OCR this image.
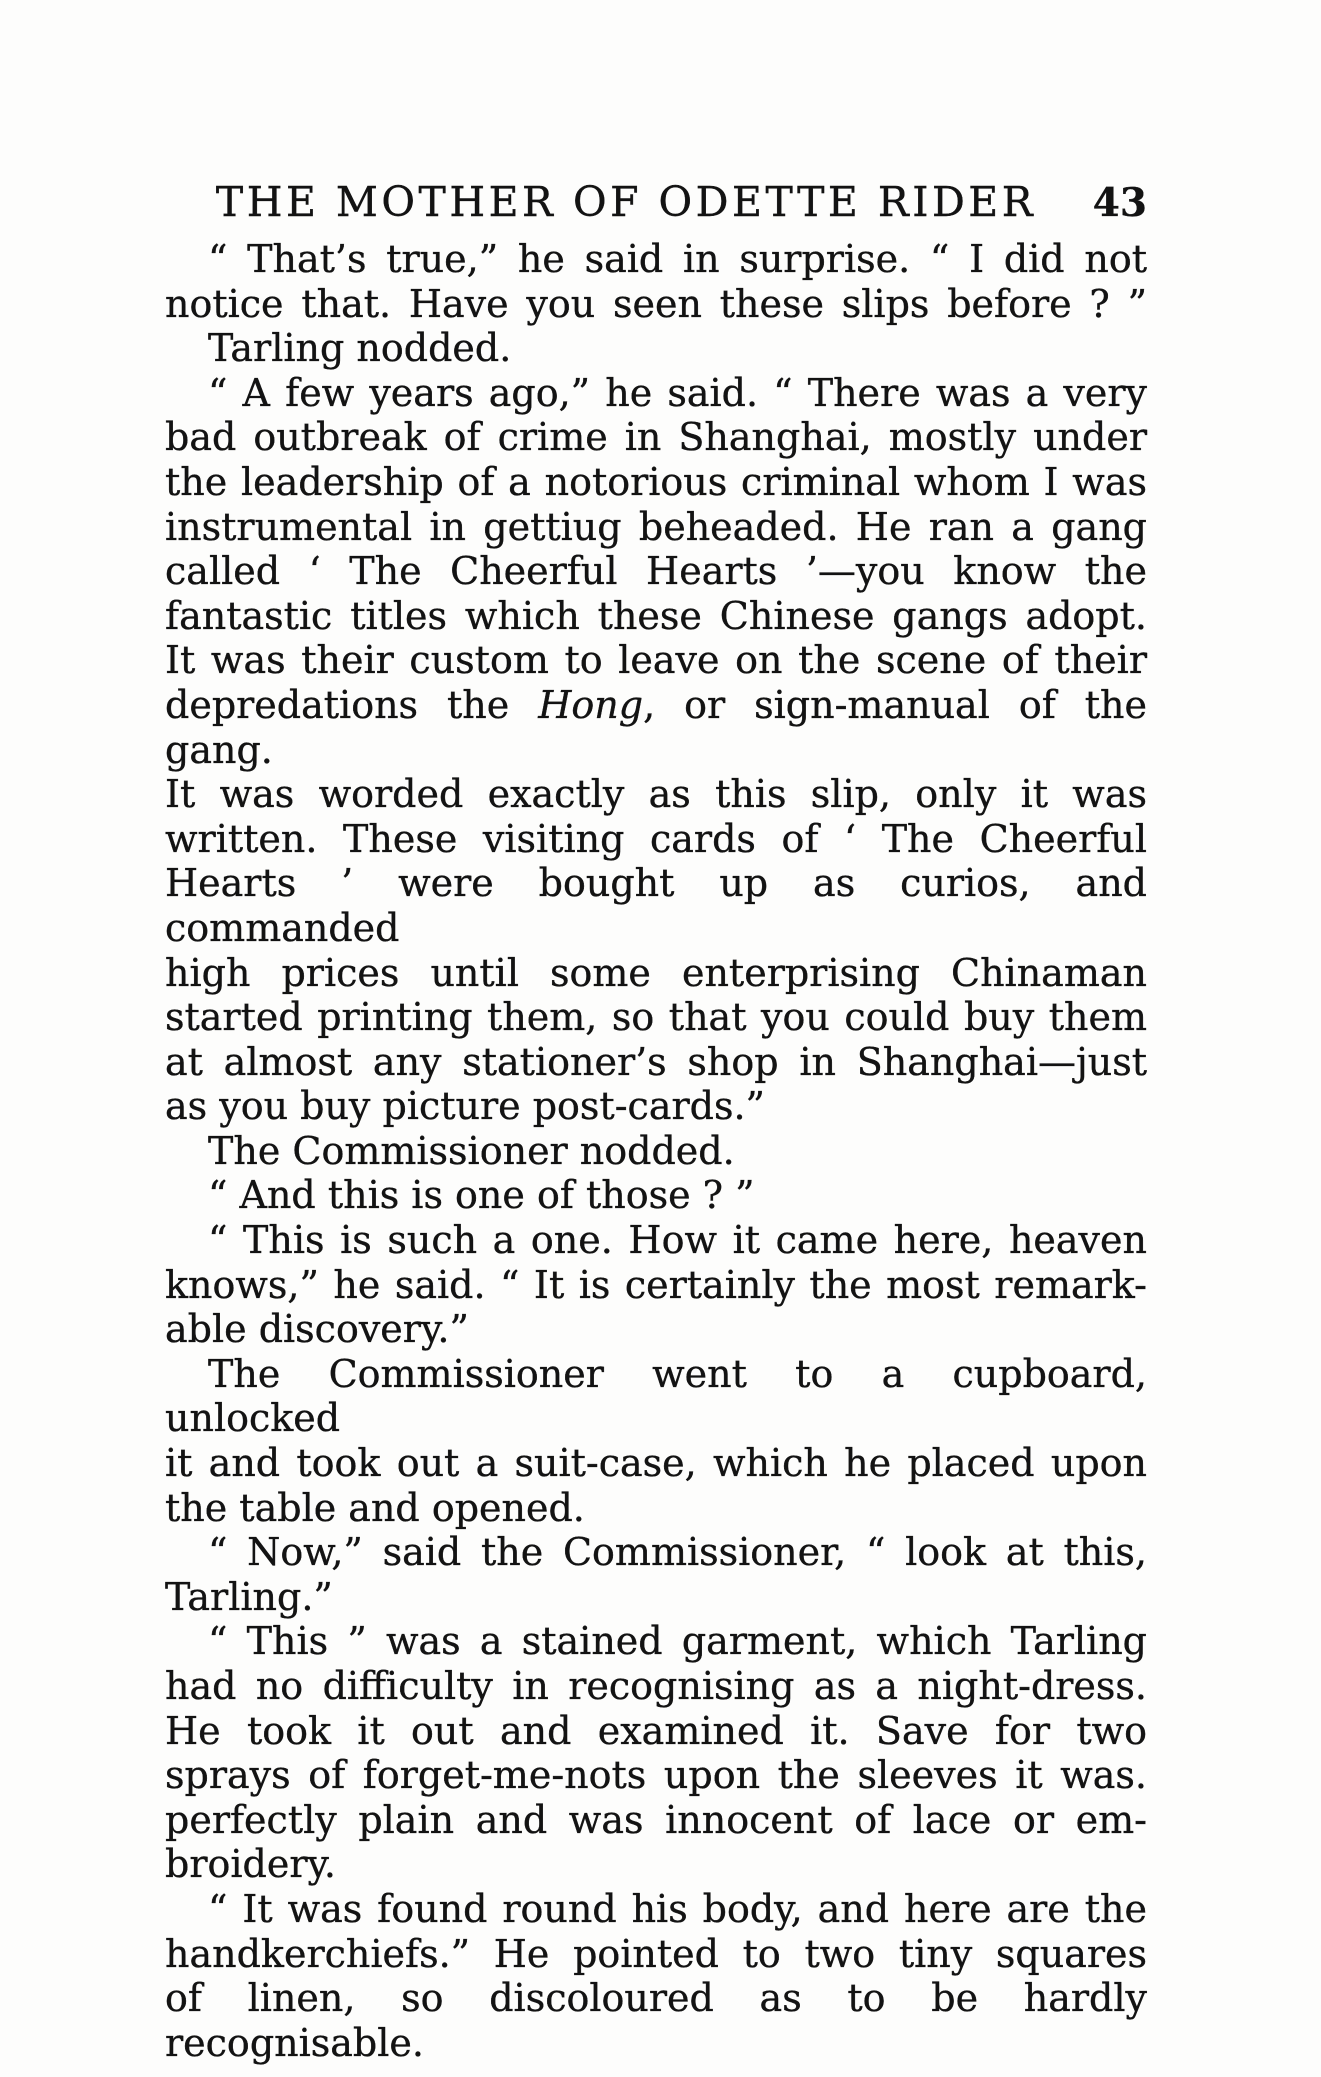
THE MOTHER OF ODETTE RIDER	43
“ That’s true,” he said in surprise. “ I did not
notice that. Have you seen these slips before ? ”
Tarling nodded.
“ A few years ago,” he said. “ There was a very
bad outbreak of crime in Shanghai, mostly under
the leadership of a notorious criminal whom I was
instrumental in gettiug beheaded. He ran a gang
called ‘ The Cheerful Hearts ’—you know the
fantastic titles which these Chinese gangs adopt.
It was their custom to leave on the scene of their
depredations the Hong, or sign-manual of the gang.
It was worded exactly as this slip, only it was
written. These visiting cards of ‘ The Cheerful
Hearts ’ were bought up as curios, and commanded
high prices until some enterprising Chinaman
started printing them, so that you could buy them
at almost any stationer’s shop in Shanghai—just
as you buy picture post-cards.”
The Commissioner nodded.
“ And this is one of those ? ”
“ This is such a one. How it came here, heaven
knows,” he said. “ It is certainly the most remark-
able discovery.”
The Commissioner went to a cupboard, unlocked
it and took out a suit-case, which he placed upon
the table and opened.
“ Now,” said the Commissioner, “ look at this,
Tarling.”
“ This ” was a stained garment, which Tarling
had no difficulty in recognising as a night-dress.
He took it out and examined it. Save for two
sprays of forget-me-nots upon the sleeves it was.
perfectly plain and was innocent of lace or em-
broidery.
“ It was found round his body, and here are the
handkerchiefs.” He pointed to two tiny squares
of linen, so discoloured as to be hardly recognisable.
